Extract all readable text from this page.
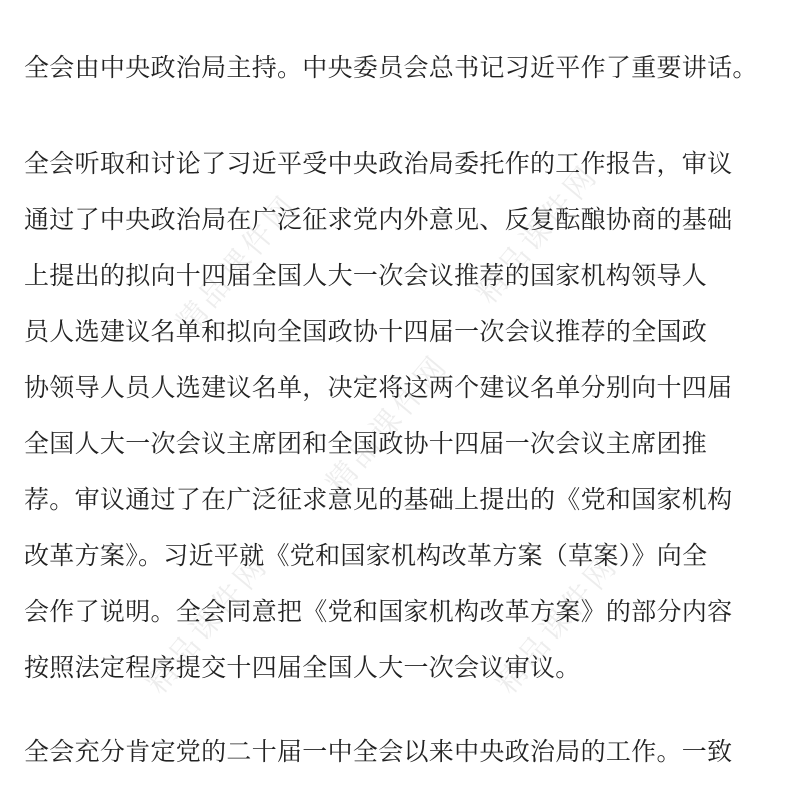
精品课件网	精品课件网
精品课件网
精品课件网	精品课件网
全会由中央政治局主持。中央委员会总书记习近平作了重要讲话。
全会听取和讨论了习近平受中央政治局委托作的工作报告，审议
通过了中央政治局在广泛征求党内外意见、反复酝酿协商的基础
上提出的拟向十四届全国人大一次会议推荐的国家机构领导人
员人选建议名单和拟向全国政协十四届一次会议推荐的全国政
协领导人员人选建议名单，决定将这两个建议名单分别向十四届
全国人大一次会议主席团和全国政协十四届一次会议主席团推
荐。审议通过了在广泛征求意见的基础上提出的《党和国家机构
改革方案》。习近平就《党和国家机构改革方案（草案）》向全
会作了说明。全会同意把《党和国家机构改革方案》的部分内容
按照法定程序提交十四届全国人大一次会议审议。
全会充分肯定党的二十届一中全会以来中央政治局的工作。一致
